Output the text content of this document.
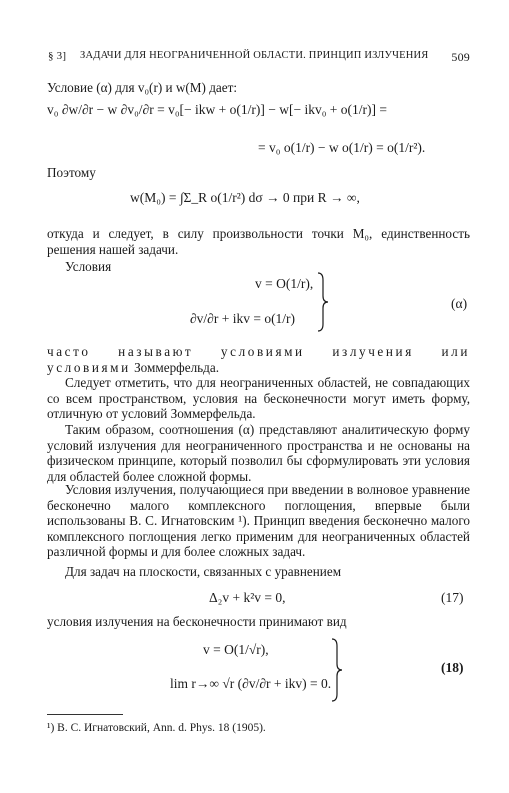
§ 3] ЗАДАЧИ ДЛЯ НЕОГРАНИЧЕННОЙ ОБЛАСТИ. ПРИНЦИП ИЗЛУЧЕНИЯ 509
Условие (α) для v₀(r) и w(M) дает:
v₀ ∂w/∂r − w ∂v₀/∂r = v₀[− ikw + o(1/r)] − w[− ikv₀ + o(1/r)] =
= v₀ o(1/r) − w o(1/r) = o(1/r²).
Поэтому
w(M₀) = ∫Σ_R o(1/r²) dσ → 0 при R → ∞,
откуда и следует, в силу произвольности точки M₀, единственность решения нашей задачи.
Условия
v = O(1/r),
∂v/∂r + ikv = o(1/r)
(α)
часто называют условиями излучения или условиями Зоммерфельда.
Следует отметить, что для неограниченных областей, не совпадающих со всем пространством, условия на бесконечности могут иметь форму, отличную от условий Зоммерфельда.
Таким образом, соотношения (α) представляют аналитическую форму условий излучения для неограниченного пространства и не основаны на физическом принципе, который позволил бы сформулировать эти условия для областей более сложной формы.
Условия излучения, получающиеся при введении в волновое уравнение бесконечно малого комплексного поглощения, впервые были использованы В. С. Игнатовским ¹). Принцип введения бесконечно малого комплексного поглощения легко применим для неограниченных областей различной формы и для более сложных задач.
Для задач на плоскости, связанных с уравнением
Δ₂v + k²v = 0,	(17)
условия излучения на бесконечности принимают вид
v = O(1/√r),
lim r→∞ √r (∂v/∂r + ikv) = 0.
(18)
¹) В. С. Игнатовский, Ann. d. Phys. 18 (1905).
